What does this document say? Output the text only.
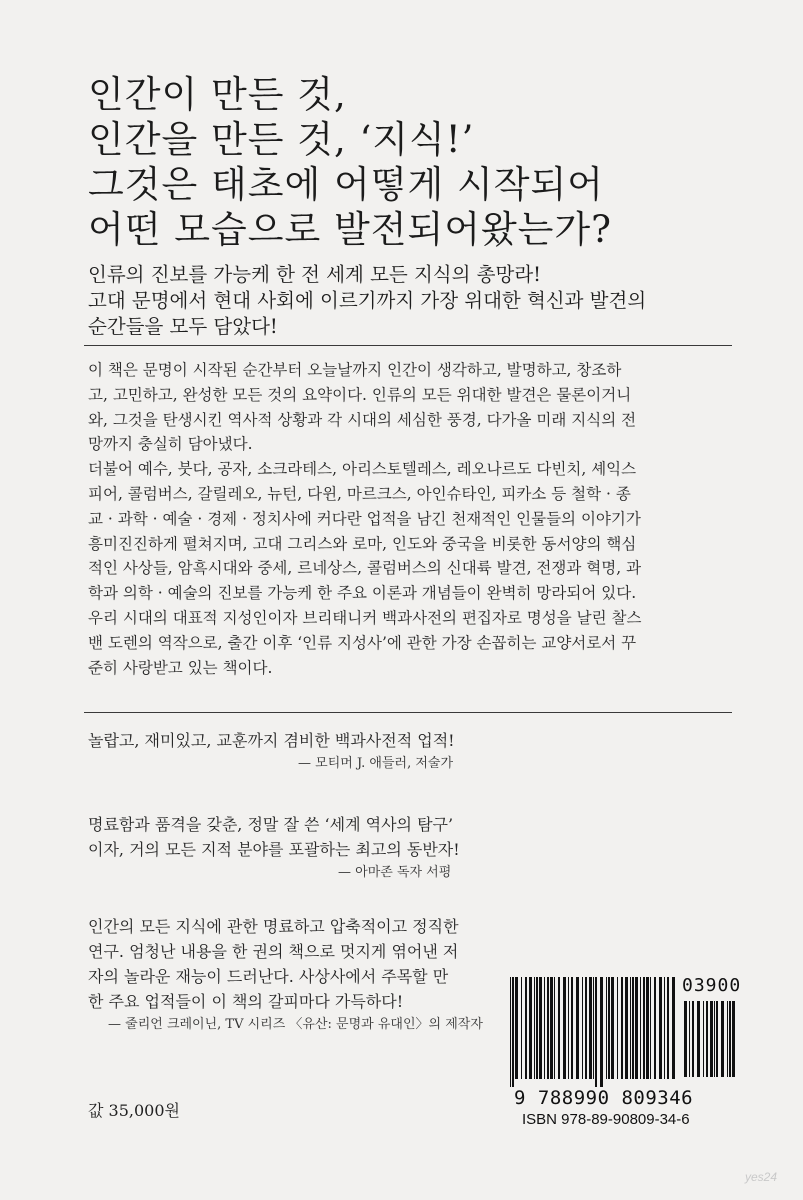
인간이 만든 것,
인간을 만든 것, ‘지식!’
그것은 태초에 어떻게 시작되어
어떤 모습으로 발전되어왔는가?
인류의 진보를 가능케 한 전 세계 모든 지식의 총망라!
고대 문명에서 현대 사회에 이르기까지 가장 위대한 혁신과 발견의
순간들을 모두 담았다!

이 책은 문명이 시작된 순간부터 오늘날까지 인간이 생각하고, 발명하고, 창조하
고, 고민하고, 완성한 모든 것의 요약이다. 인류의 모든 위대한 발견은 물론이거니
와, 그것을 탄생시킨 역사적 상황과 각 시대의 세심한 풍경, 다가올 미래 지식의 전
망까지 충실히 담아냈다.

더불어 예수, 붓다, 공자, 소크라테스, 아리스토텔레스, 레오나르도 다빈치, 셰익스
피어, 콜럼버스, 갈릴레오, 뉴턴, 다윈, 마르크스, 아인슈타인, 피카소 등 철학 · 종
교 · 과학 · 예술 · 경제 · 정치사에 커다란 업적을 남긴 천재적인 인물들의 이야기가
흥미진진하게 펼쳐지며, 고대 그리스와 로마, 인도와 중국을 비롯한 동서양의 핵심
적인 사상들, 암흑시대와 중세, 르네상스, 콜럼버스의 신대륙 발견, 전쟁과 혁명, 과
학과 의학 · 예술의 진보를 가능케 한 주요 이론과 개념들이 완벽히 망라되어 있다.
우리 시대의 대표적 지성인이자 브리태니커 백과사전의 편집자로 명성을 날린 찰스
밴 도렌의 역작으로, 출간 이후 ‘인류 지성사’에 관한 가장 손꼽히는 교양서로서 꾸
준히 사랑받고 있는 책이다.

놀랍고, 재미있고, 교훈까지 겸비한 백과사전적 업적!
— 모티머 J. 애들러, 저술가
명료함과 품격을 갖춘, 정말 잘 쓴 ‘세계 역사의 탐구’
이자, 거의 모든 지적 분야를 포괄하는 최고의 동반자!
— 아마존 독자 서평
인간의 모든 지식에 관한 명료하고 압축적이고 정직한
연구. 엄청난 내용을 한 권의 책으로 멋지게 엮어낸 저
자의 놀라운 재능이 드러난다. 사상사에서 주목할 만
한 주요 업적들이 이 책의 갈피마다 가득하다!
— 줄리언 크레이닌, TV 시리즈 〈유산: 문명과 유대인〉의 제작자
값 35,000원
03900
9 788990 809346
ISBN 978-89-90809-34-6
yes24
